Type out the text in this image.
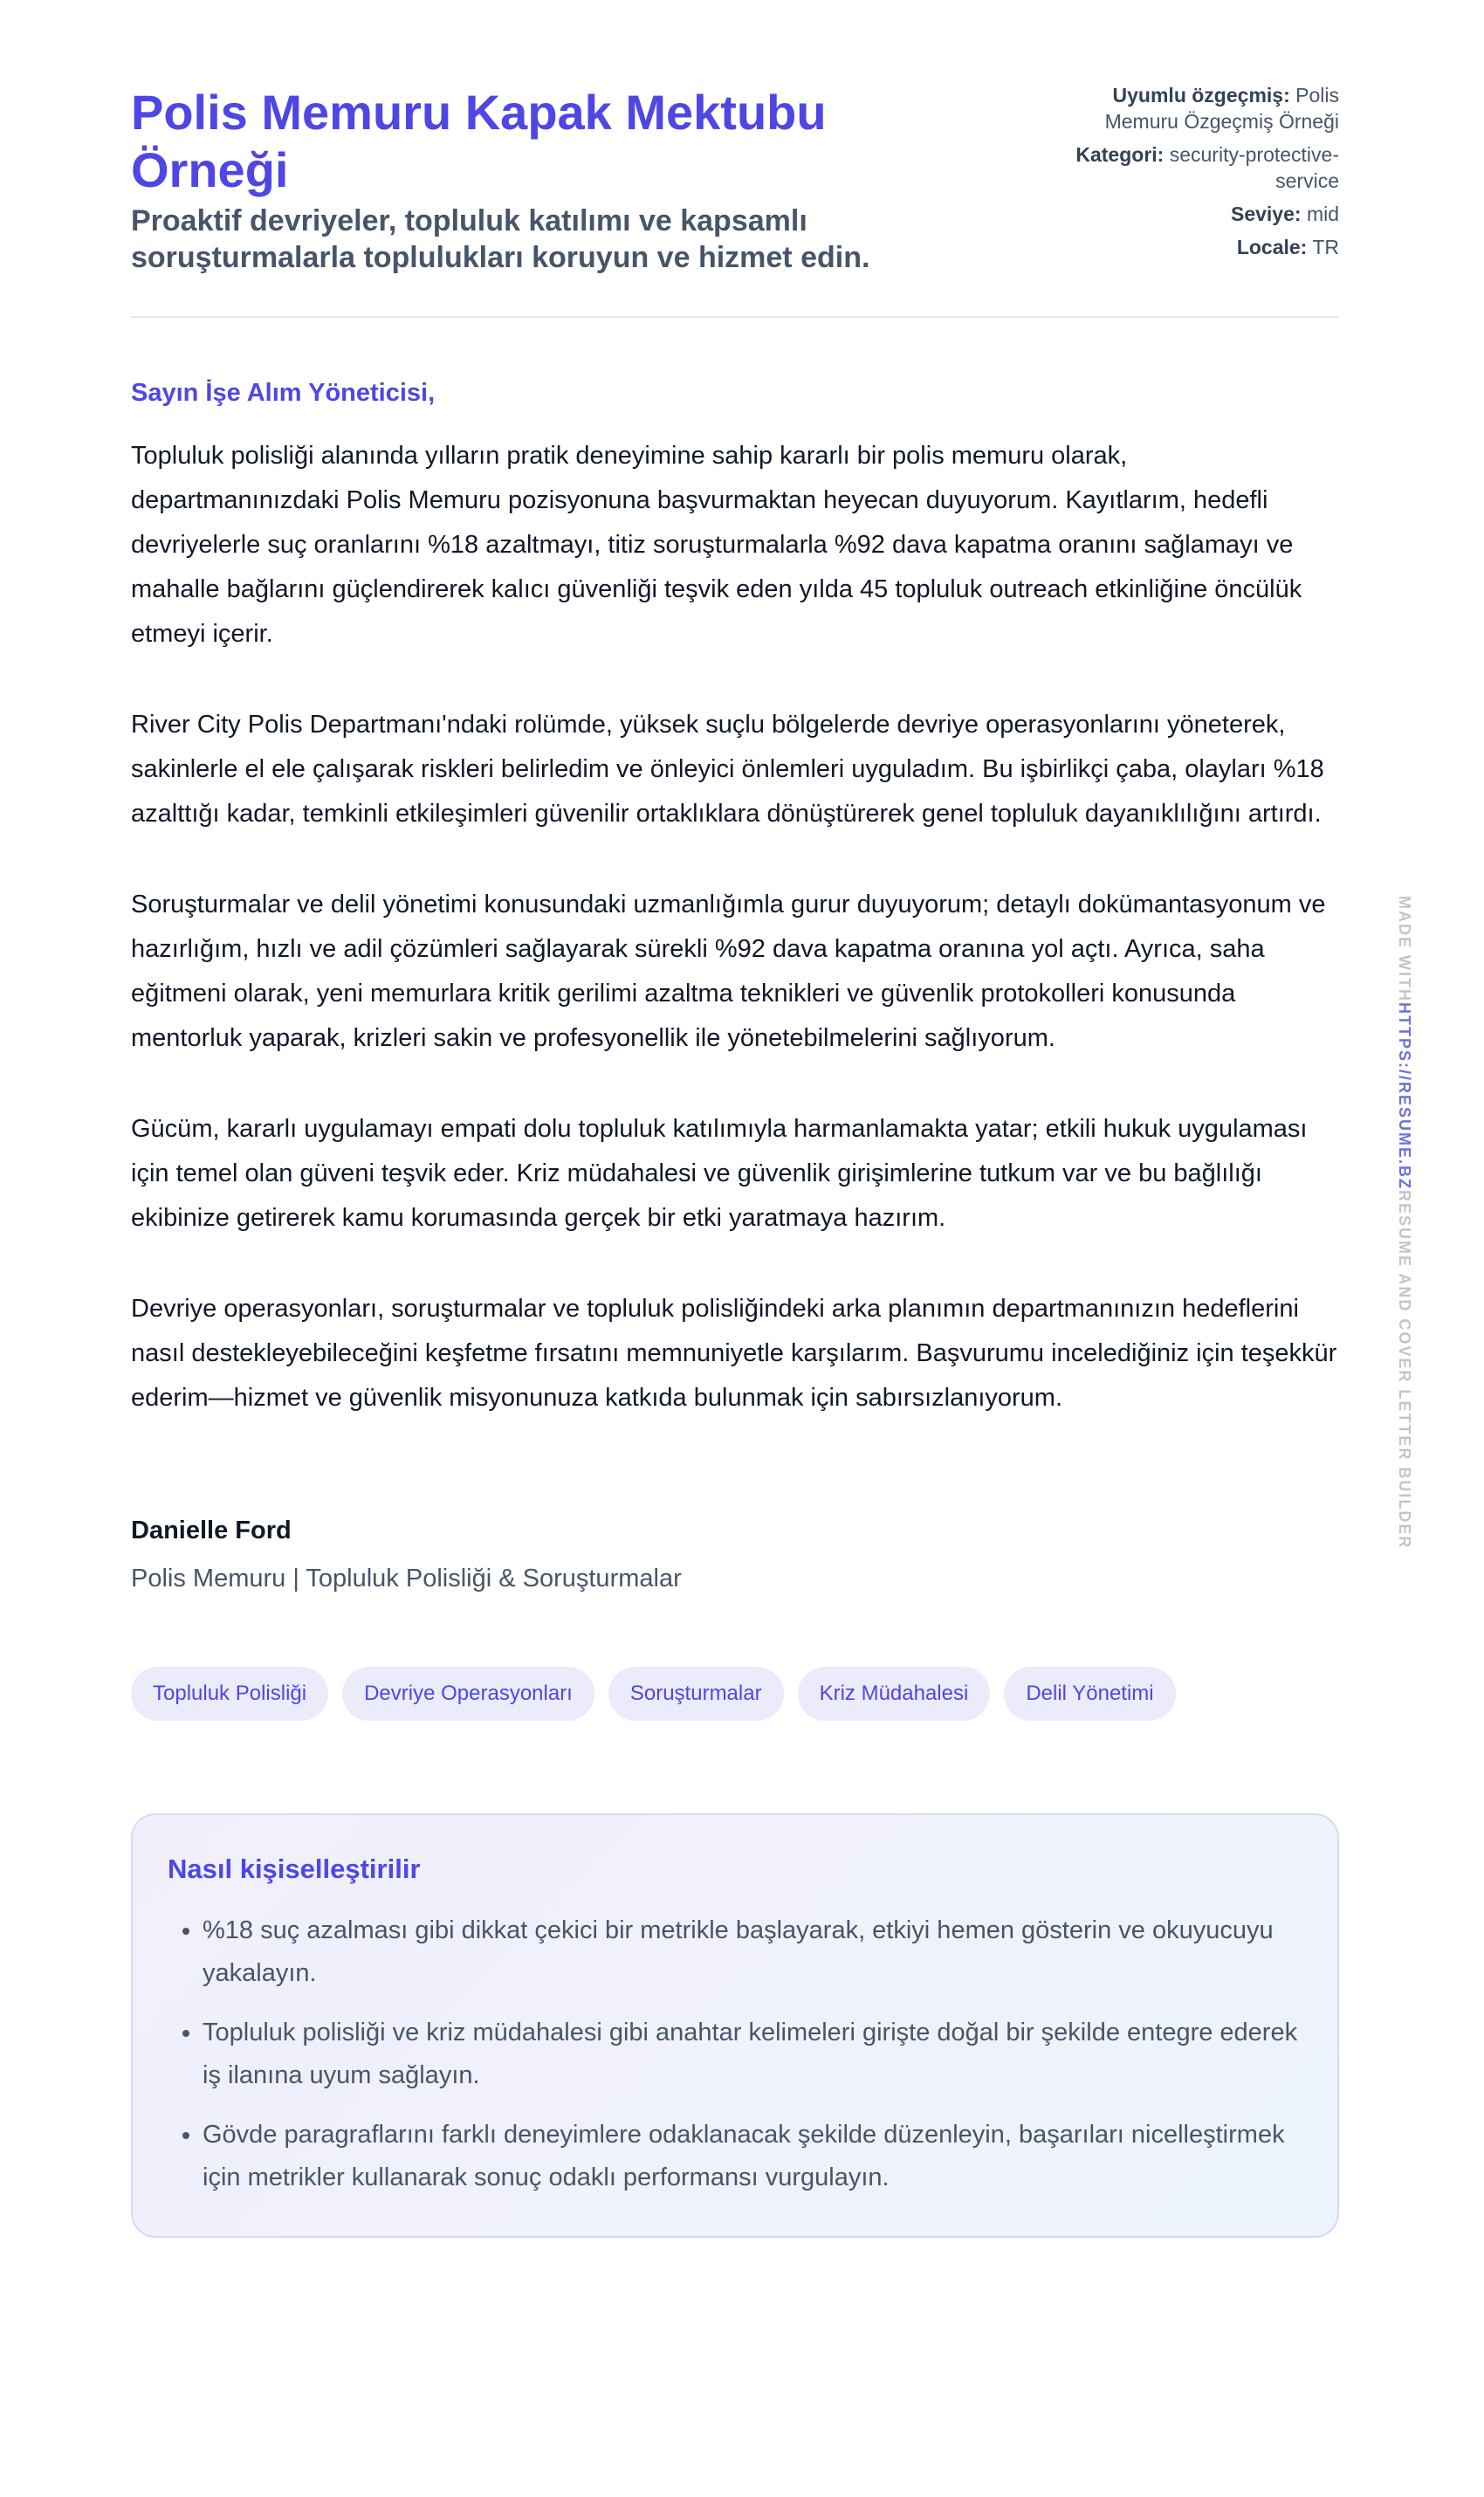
Polis Memuru Kapak Mektubu Örneği

Proaktif devriyeler, topluluk katılımı ve kapsamlı soruşturmalarla toplulukları koruyun ve hizmet edin.

Uyumlu özgeçmiş: Polis Memuru Özgeçmiş Örneği
Kategori: security-protective-service
Seviye: mid
Locale: TR
Sayın İşe Alım Yöneticisi,

Topluluk polisliği alanında yılların pratik deneyimine sahip kararlı bir polis memuru olarak, departmanınızdaki Polis Memuru pozisyonuna başvurmaktan heyecan duyuyorum. Kayıtlarım, hedefli devriyelerle suç oranlarını %18 azaltmayı, titiz soruşturmalarla %92 dava kapatma oranını sağlamayı ve mahalle bağlarını güçlendirerek kalıcı güvenliği teşvik eden yılda 45 topluluk outreach etkinliğine öncülük etmeyi içerir.

River City Polis Departmanı'ndaki rolümde, yüksek suçlu bölgelerde devriye operasyonlarını yöneterek, sakinlerle el ele çalışarak riskleri belirledim ve önleyici önlemleri uyguladım. Bu işbirlikçi çaba, olayları %18 azalttığı kadar, temkinli etkileşimleri güvenilir ortaklıklara dönüştürerek genel topluluk dayanıklılığını artırdı.

Soruşturmalar ve delil yönetimi konusundaki uzmanlığımla gurur duyuyorum; detaylı dokümantasyonum ve hazırlığım, hızlı ve adil çözümleri sağlayarak sürekli %92 dava kapatma oranına yol açtı. Ayrıca, saha eğitmeni olarak, yeni memurlara kritik gerilimi azaltma teknikleri ve güvenlik protokolleri konusunda mentorluk yaparak, krizleri sakin ve profesyonellik ile yönetebilmelerini sağlıyorum.

Gücüm, kararlı uygulamayı empati dolu topluluk katılımıyla harmanlamakta yatar; etkili hukuk uygulaması için temel olan güveni teşvik eder. Kriz müdahalesi ve güvenlik girişimlerine tutkum var ve bu bağlılığı ekibinize getirerek kamu korumasında gerçek bir etki yaratmaya hazırım.

Devriye operasyonları, soruşturmalar ve topluluk polisliğindeki arka planımın departmanınızın hedeflerini nasıl destekleyebileceğini keşfetme fırsatını memnuniyetle karşılarım. Başvurumu incelediğiniz için teşekkür ederim—hizmet ve güvenlik misyonunuza katkıda bulunmak için sabırsızlanıyorum.

Danielle Ford
Polis Memuru | Topluluk Polisliği & Soruşturmalar
Topluluk Polisliği	Devriye Operasyonları	Soruşturmalar	Kriz Müdahalesi	Delil Yönetimi
Nasıl kişiselleştirilir
• %18 suç azalması gibi dikkat çekici bir metrikle başlayarak, etkiyi hemen gösterin ve okuyucuyu yakalayın.
• Topluluk polisliği ve kriz müdahalesi gibi anahtar kelimeleri girişte doğal bir şekilde entegre ederek iş ilanına uyum sağlayın.
• Gövde paragraflarını farklı deneyimlere odaklanacak şekilde düzenleyin, başarıları nicelleştirmek için metrikler kullanarak sonuç odaklı performansı vurgulayın.
MADE WITHHTTPS://RESUME.BZRESUME AND COVER LETTER BUILDER
